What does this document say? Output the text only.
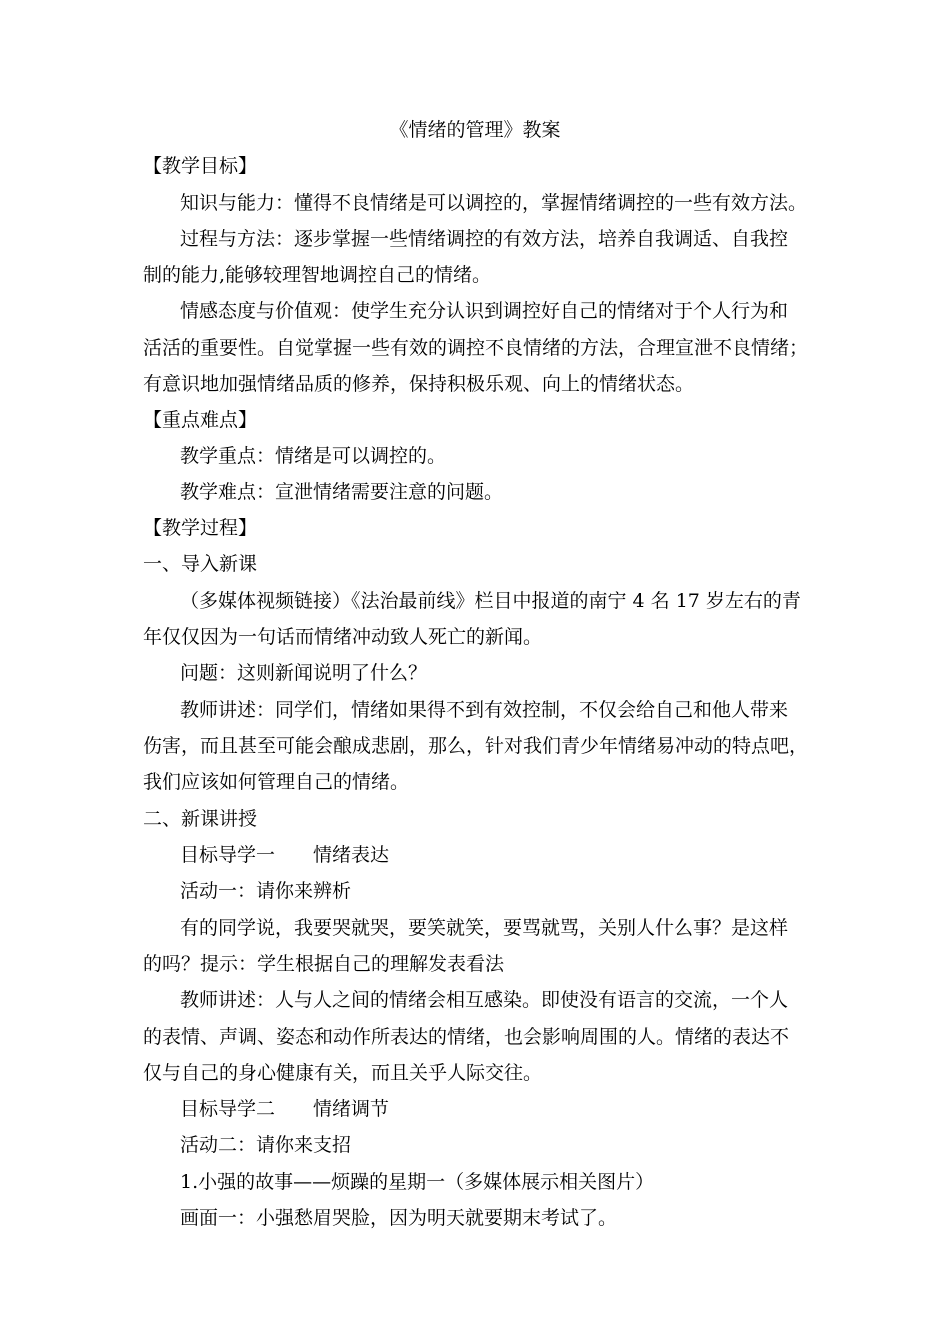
《情绪的管理》教案
【教学目标】
知识与能力：懂得不良情绪是可以调控的，掌握情绪调控的一些有效方法。
过程与方法：逐步掌握一些情绪调控的有效方法，培养自我调适、自我控
制的能力,能够较理智地调控自己的情绪。
情感态度与价值观：使学生充分认识到调控好自己的情绪对于个人行为和
活活的重要性。自觉掌握一些有效的调控不良情绪的方法，合理宣泄不良情绪；
有意识地加强情绪品质的修养，保持积极乐观、向上的情绪状态。
【重点难点】
教学重点：情绪是可以调控的。
教学难点：宣泄情绪需要注意的问题。
【教学过程】
一、导入新课
（多媒体视频链接）《法治最前线》栏目中报道的南宁 4 名 17 岁左右的青
年仅仅因为一句话而情绪冲动致人死亡的新闻。
问题：这则新闻说明了什么？
教师讲述：同学们，情绪如果得不到有效控制，不仅会给自己和他人带来
伤害，而且甚至可能会酿成悲剧，那么，针对我们青少年情绪易冲动的特点吧，
我们应该如何管理自己的情绪。
二、新课讲授
目标导学一 情绪表达
活动一：请你来辨析
有的同学说，我要哭就哭，要笑就笑，要骂就骂，关别人什么事？是这样
的吗？提示：学生根据自己的理解发表看法
教师讲述：人与人之间的情绪会相互感染。即使没有语言的交流，一个人
的表情、声调、姿态和动作所表达的情绪，也会影响周围的人。情绪的表达不
仅与自己的身心健康有关，而且关乎人际交往。
目标导学二 情绪调节
活动二：请你来支招
1.小强的故事——烦躁的星期一（多媒体展示相关图片）
画面一：小强愁眉哭脸，因为明天就要期末考试了。
